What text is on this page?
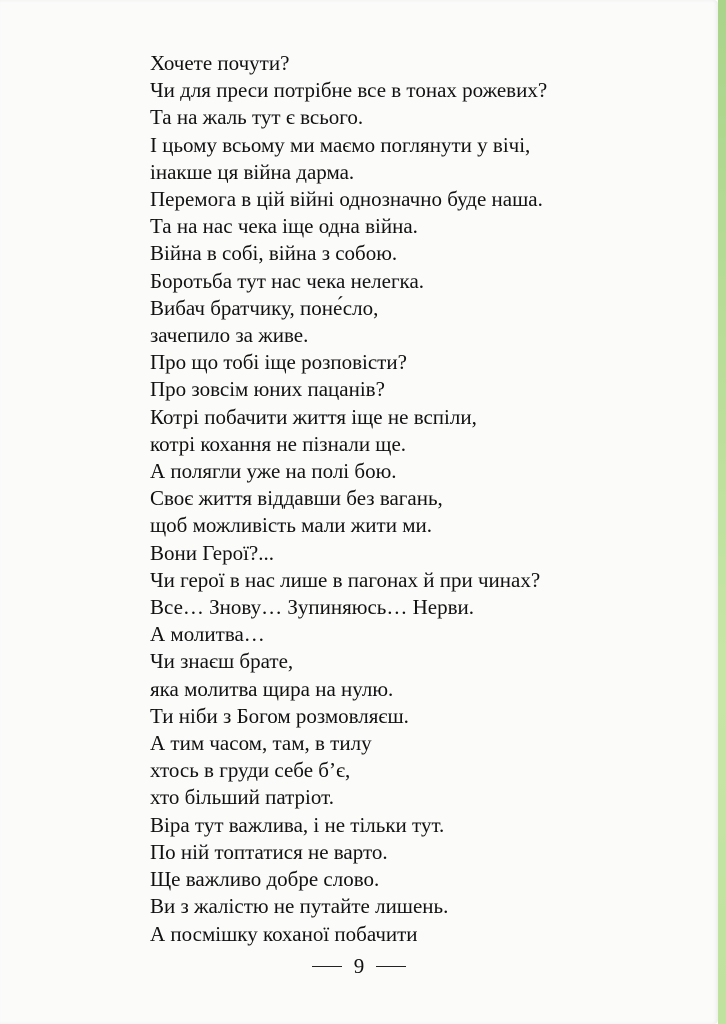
Хочете почути?
Чи для преси потрібне все в тонах рожевих?
Та на жаль тут є всього.
І цьому всьому ми маємо поглянути у вічі,
інакше ця війна дарма.
Перемога в цій війні однозначно буде наша.
Та на нас чека іще одна війна.
Війна в собі, війна з собою.
Боротьба тут нас чека нелегка.
Вибач братчику, поне́сло,
зачепило за живе.
Про що тобі іще розповісти?
Про зовсім юних пацанів?
Котрі побачити життя іще не вспіли,
котрі кохання не пізнали ще.
А полягли уже на полі бою.
Своє життя віддавши без вагань,
щоб можливість мали жити ми.
Вони Герої?...
Чи герої в нас лише в пагонах й при чинах?
Все… Знову… Зупиняюсь… Нерви.
А молитва…
Чи знаєш брате,
яка молитва щира на нулю.
Ти ніби з Богом розмовляєш.
А тим часом, там, в тилу
хтось в груди себе б’є,
хто більший патріот.
Віра тут важлива, і не тільки тут.
По ній топтатися не варто.
Ще важливо добре слово.
Ви з жалістю не путайте лишень.
А посмішку коханої побачити
9
